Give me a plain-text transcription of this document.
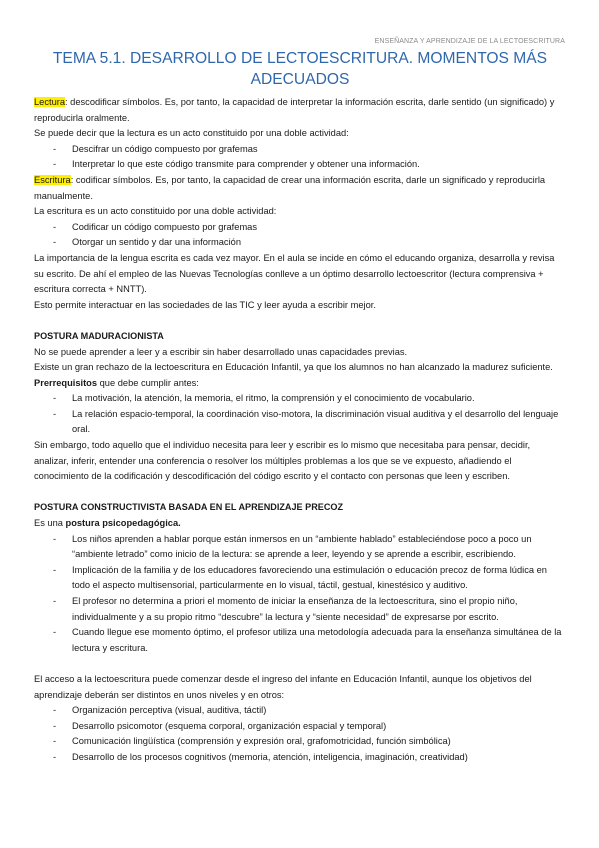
ENSEÑANZA Y APRENDIZAJE DE LA LECTOESCRITURA
TEMA 5.1. DESARROLLO DE LECTOESCRITURA. MOMENTOS MÁS
ADECUADOS

Lectura: descodificar símbolos. Es, por tanto, la capacidad de interpretar la información escrita, darle sentido (un significado) y reproducirla oralmente.

Se puede decir que la lectura es un acto constituido por una doble actividad:

- Descifrar un código compuesto por grafemas
- Interpretar lo que este código transmite para comprender y obtener una información.

Escritura: codificar símbolos. Es, por tanto, la capacidad de crear una información escrita, darle un significado y reproducirla manualmente.

La escritura es un acto constituido por una doble actividad:

- Codificar un código compuesto por grafemas
- Otorgar un sentido y dar una información

La importancia de la lengua escrita es cada vez mayor. En el aula se incide en cómo el educando organiza, desarrolla y revisa su escrito. De ahí el empleo de las Nuevas Tecnologías conlleve a un óptimo desarrollo lectoescritor (lectura comprensiva + escritura correcta + NNTT).

Esto permite interactuar en las sociedades de las TIC y leer ayuda a escribir mejor.

POSTURA MADURACIONISTA

No se puede aprender a leer y a escribir sin haber desarrollado unas capacidades previas.

Existe un gran rechazo de la lectoescritura en Educación Infantil, ya que los alumnos no han alcanzado la madurez suficiente.

Prerrequisitos que debe cumplir antes:

- La motivación, la atención, la memoria, el ritmo, la comprensión y el conocimiento de vocabulario.
- La relación espacio-temporal, la coordinación viso-motora, la discriminación visual auditiva y el desarrollo del lenguaje oral.

Sin embargo, todo aquello que el individuo necesita para leer y escribir es lo mismo que necesitaba para pensar, decidir, analizar, inferir, entender una conferencia o resolver los múltiples problemas a los que se ve expuesto, añadiendo el conocimiento de la codificación y descodificación del código escrito y el contacto con personas que leen y escriben.

POSTURA CONSTRUCTIVISTA BASADA EN EL APRENDIZAJE PRECOZ

Es una postura psicopedagógica.

- Los niños aprenden a hablar porque están inmersos en un “ambiente hablado” estableciéndose poco a poco un “ambiente letrado” como inicio de la lectura: se aprende a leer, leyendo y se aprende a escribir, escribiendo.
- Implicación de la familia y de los educadores favoreciendo una estimulación o educación precoz de forma lúdica en todo el aspecto multisensorial, particularmente en lo visual, táctil, gestual, kinestésico y auditivo.
- El profesor no determina a priori el momento de iniciar la enseñanza de la lectoescritura, sino el propio niño, individualmente y a su propio ritmo “descubre” la lectura y “siente necesidad” de expresarse por escrito.
- Cuando llegue ese momento óptimo, el profesor utiliza una metodología adecuada para la enseñanza simultánea de la lectura y escritura.

El acceso a la lectoescritura puede comenzar desde el ingreso del infante en Educación Infantil, aunque los objetivos del aprendizaje deberán ser distintos en unos niveles y en otros:

- Organización perceptiva (visual, auditiva, táctil)
- Desarrollo psicomotor (esquema corporal, organización espacial y temporal)
- Comunicación lingüística (comprensión y expresión oral, grafomotricidad, función simbólica)
- Desarrollo de los procesos cognitivos (memoria, atención, inteligencia, imaginación, creatividad)
